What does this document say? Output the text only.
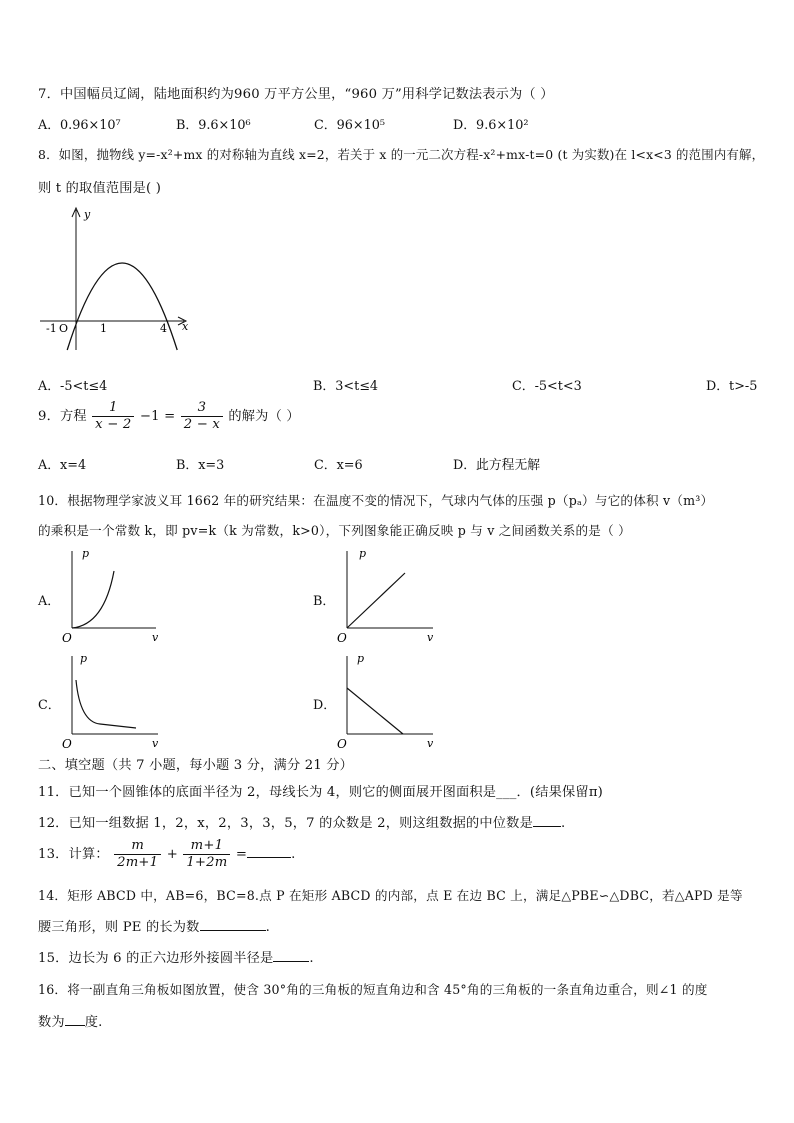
7．中国幅员辽阔，陆地面积约为960 万平方公里，“960 万”用科学记数法表示为（ ）
A．0.96×10⁷	B．9.6×10⁶	C．96×10⁵	D．9.6×10²
8．如图，抛物线 y=-x²+mx 的对称轴为直线 x=2，若关于 x 的一元二次方程-x²+mx-t=0 (t 为实数)在 l<x<3 的范围内有解，
则 t 的取值范围是( )
y
x
-1 O	1	4
A．-5<t≤4	B．3<t≤4	C．-5<t<3	D．t>-5
9．方程 $\frac{1}{x - 2} -1 = \frac{3}{2 - x}$ 的解为（ ）
A．x=4	B．x=3	C．x=6	D．此方程无解
10．根据物理学家波义耳 1662 年的研究结果：在温度不变的情况下，气球内气体的压强 p（pₐ）与它的体积 v（m³）
的乘积是一个常数 k，即 pv=k（k 为常数，k>0），下列图象能正确反映 p 与 v 之间函数关系的是（ ）
A．	B．
C．	D．
p
v
O
p
v
O
p
v
O
p
v
O
二、填空题（共 7 小题，每小题 3 分，满分 21 分）
11．已知一个圆锥体的底面半径为 2，母线长为 4，则它的侧面展开图面积是___．(结果保留π)
12．已知一组数据 1，2，x，2，3，3，5，7 的众数是 2，则这组数据的中位数是 .
13．计算： $\frac{m}{2m+1} + \frac{m+1}{1+2m}$ =	.
14．矩形 ABCD 中，AB=6，BC=8.点 P 在矩形 ABCD 的内部，点 E 在边 BC 上，满足△PBE∽△DBC，若△APD 是等
腰三角形，则 PE 的长为数	.
15．边长为 6 的正六边形外接圆半径是	.
16．将一副直角三角板如图放置，使含 30°角的三角板的短直角边和含 45°角的三角板的一条直角边重合，则∠1 的度
数为 度.
